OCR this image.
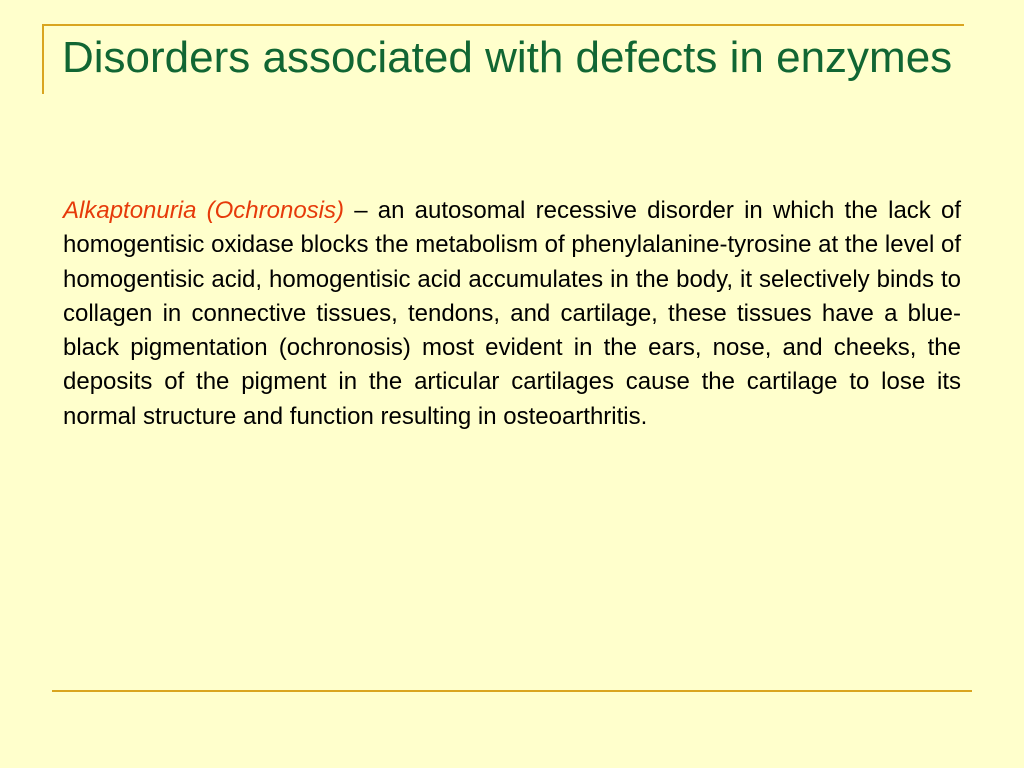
Disorders associated with defects in enzymes

Alkaptonuria (Ochronosis) – an autosomal recessive disorder in which the lack of homogentisic oxidase blocks the metabolism of phenylalanine-tyrosine at the level of homogentisic acid, homogentisic acid accumulates in the body, it selectively binds to collagen in connective tissues, tendons, and cartilage, these tissues have a blue-black pigmentation (ochronosis) most evident in the ears, nose, and cheeks, the deposits of the pigment in the articular cartilages cause the cartilage to lose its normal structure and function resulting in osteoarthritis.
